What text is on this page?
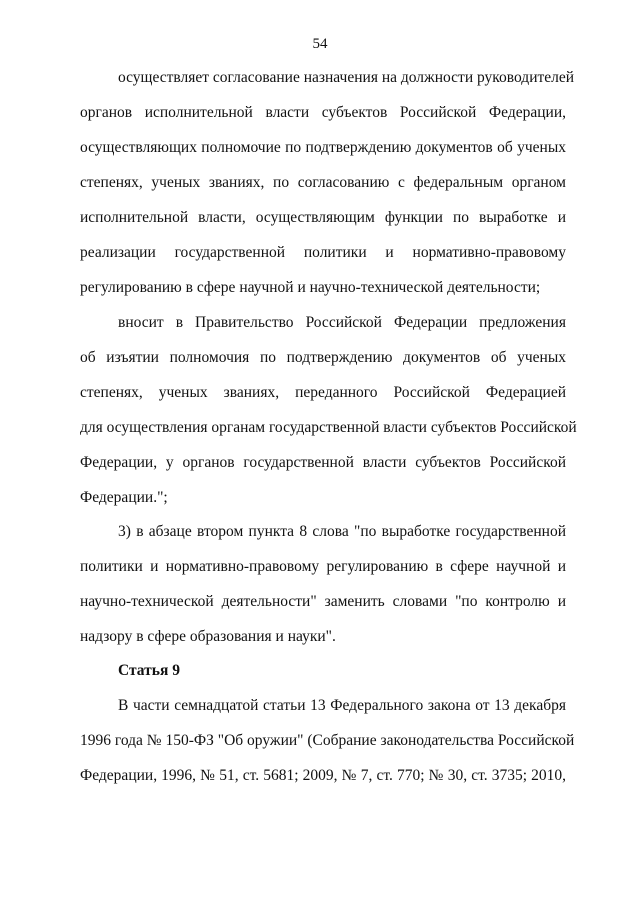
54
осуществляет согласование назначения на должности руководителей
органов исполнительной власти субъектов Российской Федерации,
осуществляющих полномочие по подтверждению документов об ученых
степенях, ученых званиях, по согласованию с федеральным органом
исполнительной власти, осуществляющим функции по выработке и
реализации государственной политики и нормативно-правовому
регулированию в сфере научной и научно-технической деятельности;
вносит в Правительство Российской Федерации предложения
об изъятии полномочия по подтверждению документов об ученых
степенях, ученых званиях, переданного Российской Федерацией
для осуществления органам государственной власти субъектов Российской
Федерации, у органов государственной власти субъектов Российской
Федерации.";
3) в абзаце втором пункта 8 слова "по выработке государственной
политики и нормативно-правовому регулированию в сфере научной и
научно-технической деятельности" заменить словами "по контролю и
надзору в сфере образования и науки".
Статья 9
В части семнадцатой статьи 13 Федерального закона от 13 декабря
1996 года № 150-ФЗ "Об оружии" (Собрание законодательства Российской
Федерации, 1996, № 51, ст. 5681; 2009, № 7, ст. 770; № 30, ст. 3735; 2010,
